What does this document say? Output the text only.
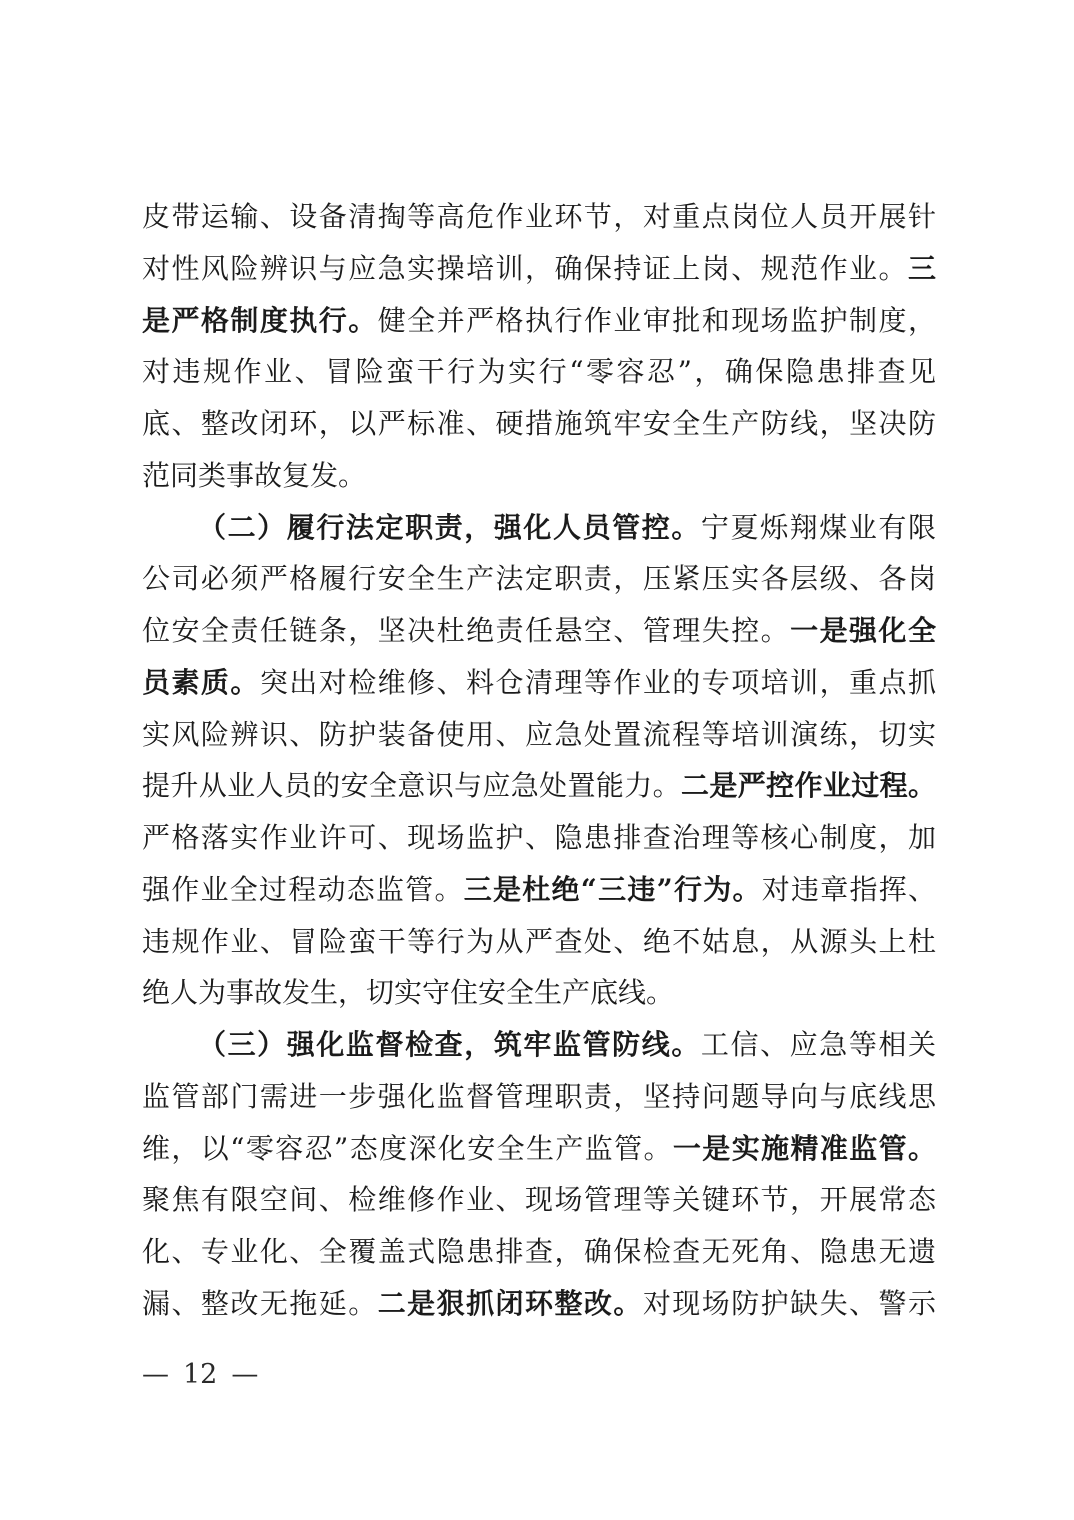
皮带运输、设备清掏等高危作业环节，对重点岗位人员开展针
对性风险辨识与应急实操培训，确保持证上岗、规范作业。三
是严格制度执行。健全并严格执行作业审批和现场监护制度，
对违规作业、冒险蛮干行为实行“零容忍”，确保隐患排查见
底、整改闭环，以严标准、硬措施筑牢安全生产防线，坚决防
范同类事故复发。
（二）履行法定职责，强化人员管控。宁夏烁翔煤业有限
公司必须严格履行安全生产法定职责，压紧压实各层级、各岗
位安全责任链条，坚决杜绝责任悬空、管理失控。一是强化全
员素质。突出对检维修、料仓清理等作业的专项培训，重点抓
实风险辨识、防护装备使用、应急处置流程等培训演练，切实
提升从业人员的安全意识与应急处置能力。二是严控作业过程。
严格落实作业许可、现场监护、隐患排查治理等核心制度，加
强作业全过程动态监管。三是杜绝“三违”行为。对违章指挥、
违规作业、冒险蛮干等行为从严查处、绝不姑息，从源头上杜
绝人为事故发生，切实守住安全生产底线。
（三）强化监督检查，筑牢监管防线。工信、应急等相关
监管部门需进一步强化监督管理职责，坚持问题导向与底线思
维，以“零容忍”态度深化安全生产监管。一是实施精准监管。
聚焦有限空间、检维修作业、现场管理等关键环节，开展常态
化、专业化、全覆盖式隐患排查，确保检查无死角、隐患无遗
漏、整改无拖延。二是狠抓闭环整改。对现场防护缺失、警示
— 12 —
